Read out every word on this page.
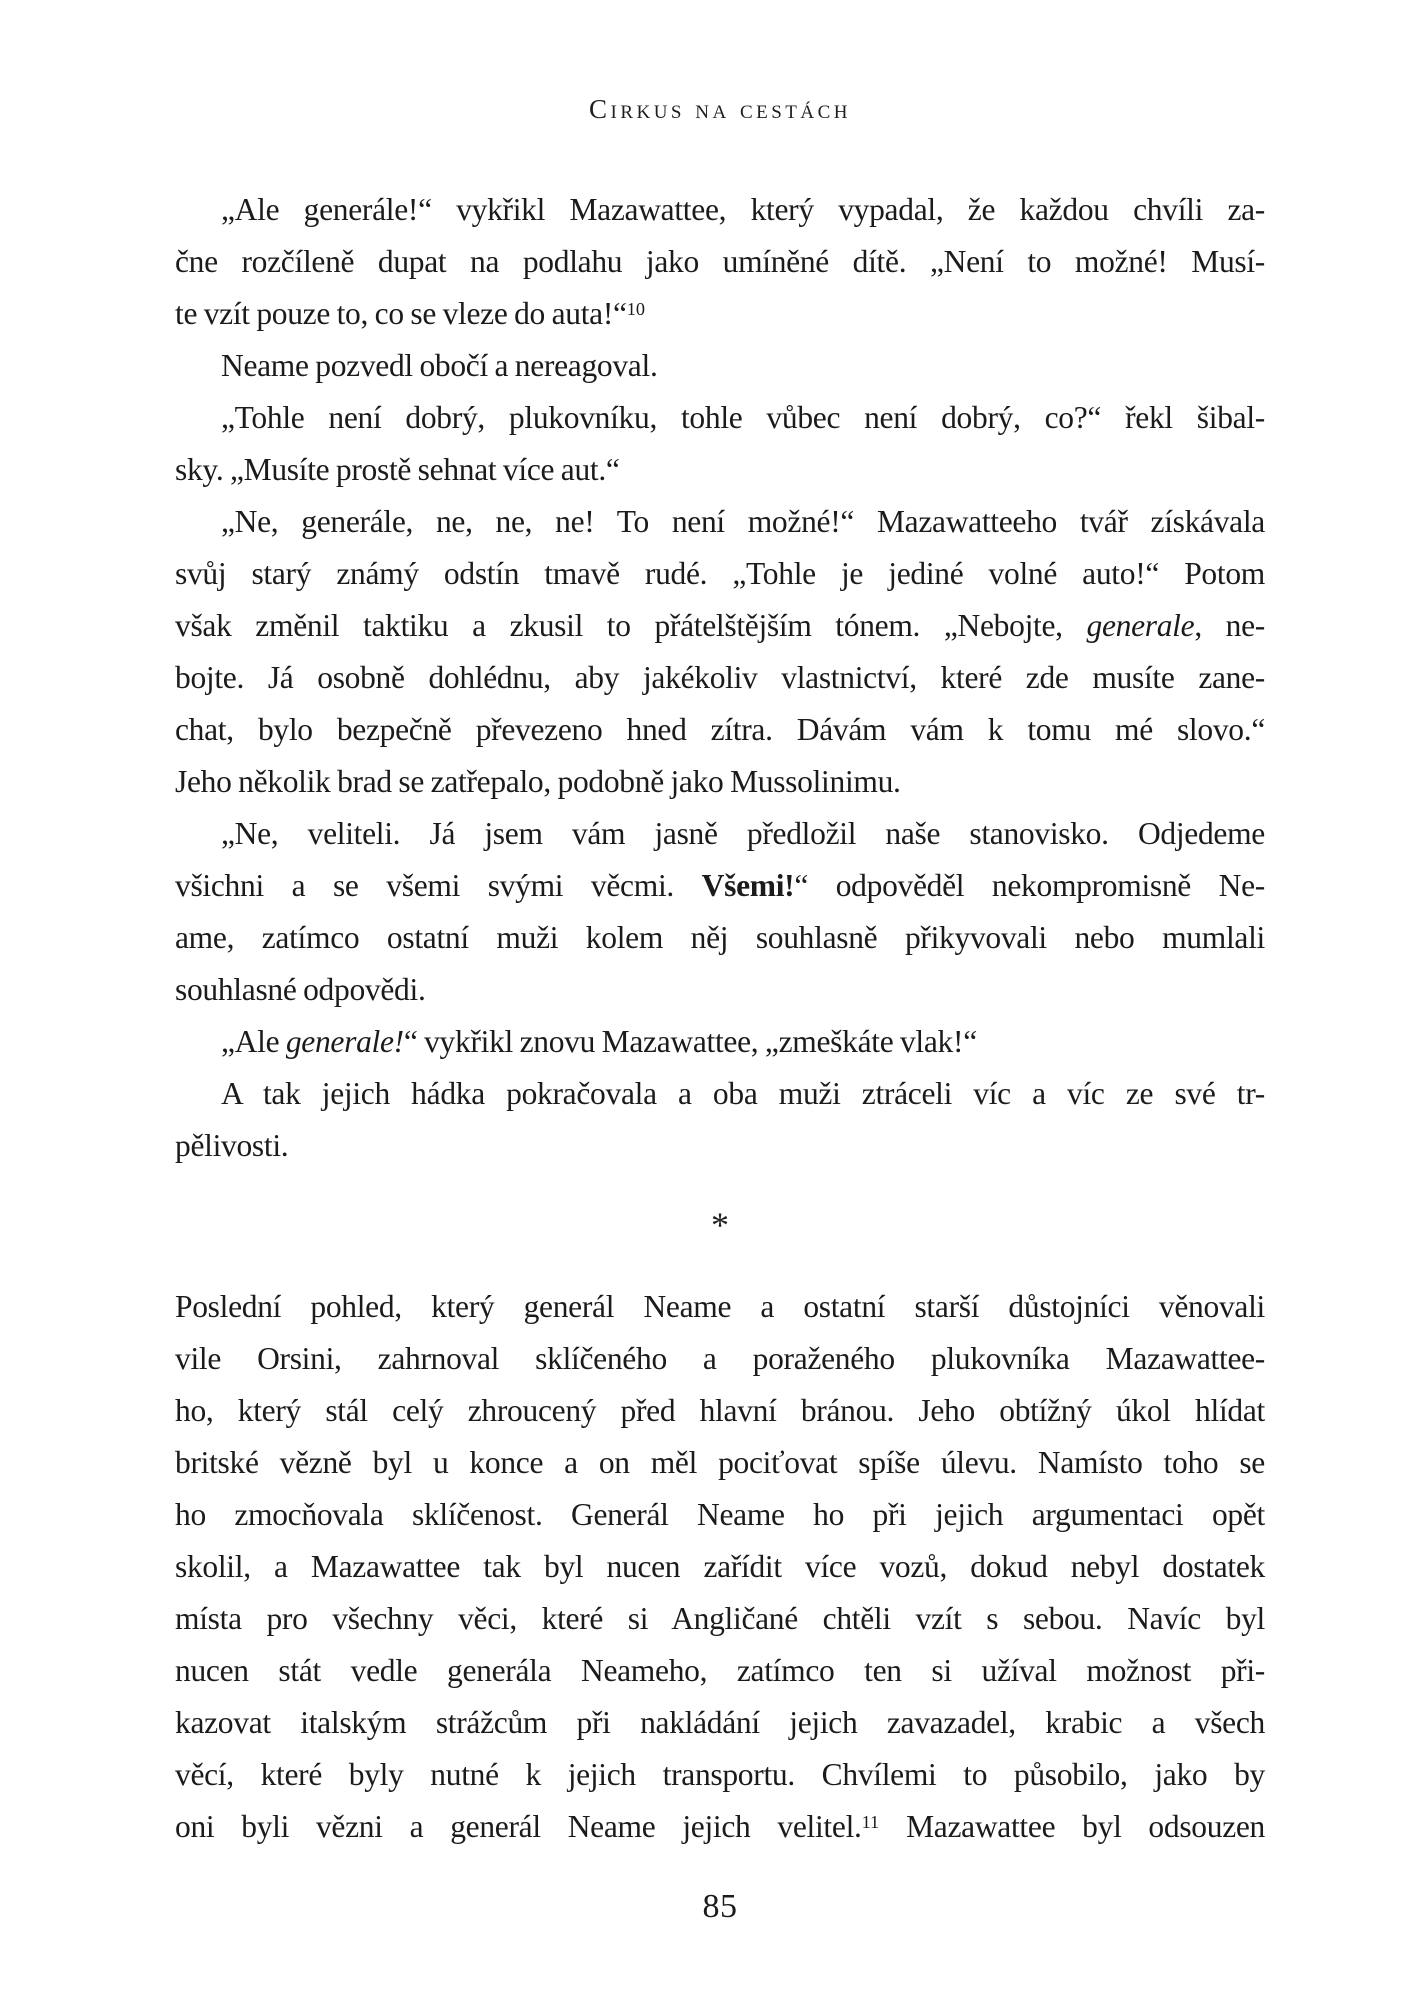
Cirkus na cestách
„Ale generále!“ vykřikl Mazawattee, který vypadal, že každou chvíli za-
čne rozčíleně dupat na podlahu jako umíněné dítě. „Není to možné! Musí-
te vzít pouze to, co se vleze do auta!“$^{10}$
Neame pozvedl obočí a nereagoval.
„Tohle není dobrý, plukovníku, tohle vůbec není dobrý, co?“ řekl šibal-
sky. „Musíte prostě sehnat více aut.“
„Ne, generále, ne, ne, ne! To není možné!“ Mazawatteeho tvář získávala
svůj starý známý odstín tmavě rudé. „Tohle je jediné volné auto!“ Potom
však změnil taktiku a zkusil to přátelštějším tónem. „Nebojte, generale, ne-
bojte. Já osobně dohlédnu, aby jakékoliv vlastnictví, které zde musíte zane-
chat, bylo bezpečně převezeno hned zítra. Dávám vám k tomu mé slovo.“
Jeho několik brad se zatřepalo, podobně jako Mussolinimu.
„Ne, veliteli. Já jsem vám jasně předložil naše stanovisko. Odjedeme
všichni a se všemi svými věcmi. Všemi!“ odpověděl nekompromisně Ne-
ame, zatímco ostatní muži kolem něj souhlasně přikyvovali nebo mumlali
souhlasné odpovědi.
„Ale generale!“ vykřikl znovu Mazawattee, „zmeškáte vlak!“
A tak jejich hádka pokračovala a oba muži ztráceli víc a víc ze své tr-
pělivosti.
*
Poslední pohled, který generál Neame a ostatní starší důstojníci věnovali
vile Orsini, zahrnoval sklíčeného a poraženého plukovníka Mazawattee-
ho, který stál celý zhroucený před hlavní bránou. Jeho obtížný úkol hlídat
britské vězně byl u konce a on měl pociťovat spíše úlevu. Namísto toho se
ho zmocňovala sklíčenost. Generál Neame ho při jejich argumentaci opět
skolil, a Mazawattee tak byl nucen zařídit více vozů, dokud nebyl dostatek
místa pro všechny věci, které si Angličané chtěli vzít s sebou. Navíc byl
nucen stát vedle generála Neameho, zatímco ten si užíval možnost při-
kazovat italským strážcům při nakládání jejich zavazadel, krabic a všech
věcí, které byly nutné k jejich transportu. Chvílemi to působilo, jako by
oni byli vězni a generál Neame jejich velitel.$^{11}$ Mazawattee byl odsouzen
85
